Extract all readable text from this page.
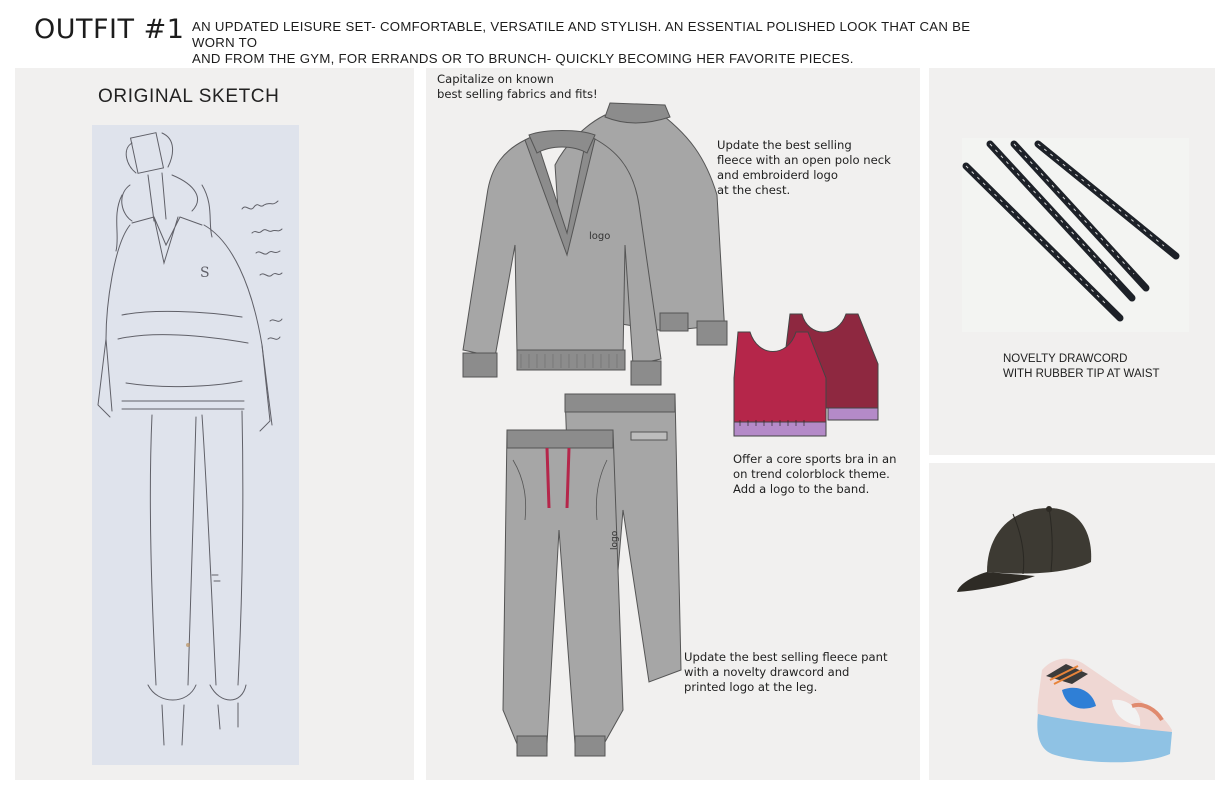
OUTFIT #1 AN UPDATED LEISURE SET- COMFORTABLE, VERSATILE AND STYLISH. AN ESSENTIAL POLISHED LOOK THAT CAN BE WORN TO
AND FROM THE GYM, FOR ERRANDS OR TO BRUNCH- QUICKLY BECOMING HER FAVORITE PIECES.
ORIGINAL SKETCH
S
Capitalize on known
best selling fabrics and fits!
Update the best selling
fleece with an open polo neck
and embroiderd logo
at the chest.
Offer a core sports bra in an
on trend colorblock theme.
Add a logo to the band.
Update the best selling fleece pant
with a novelty drawcord and
printed logo at the leg.
NOVELTY DRAWCORD
WITH RUBBER TIP AT WAIST
logo
logo
